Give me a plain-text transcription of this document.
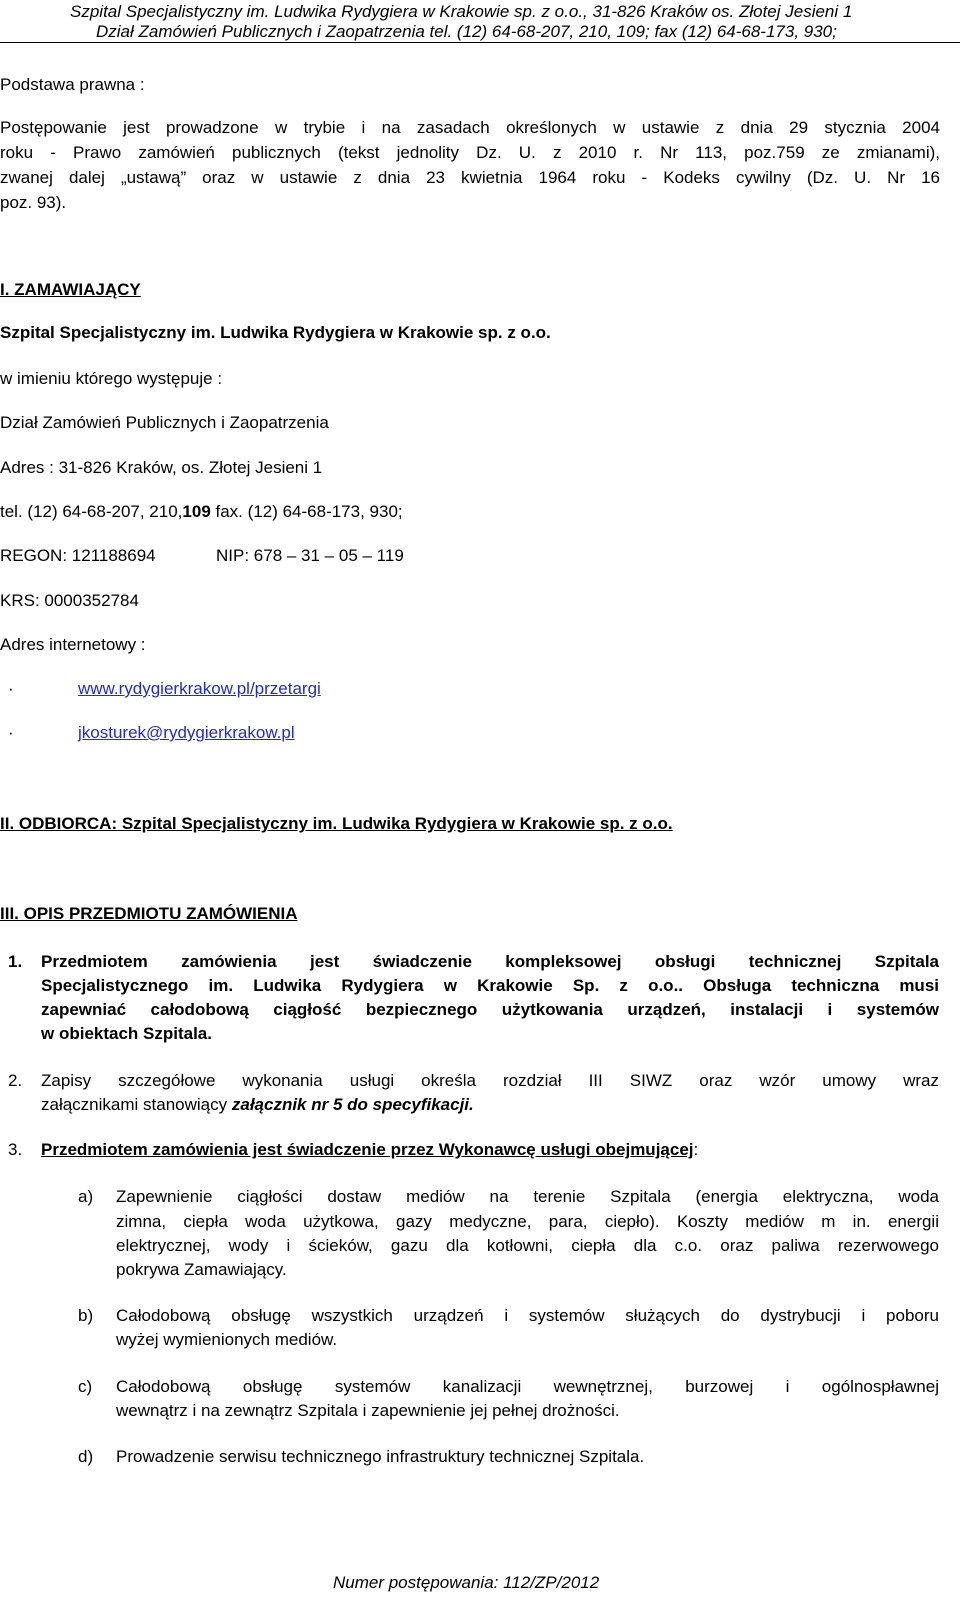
Szpital Specjalistyczny im. Ludwika Rydygiera w Krakowie sp. z o.o., 31-826 Kraków os. Złotej Jesieni 1
Dział Zamówień Publicznych i Zaopatrzenia tel. (12) 64-68-207, 210, 109; fax (12) 64-68-173, 930;
Podstawa prawna :
Postępowanie jest prowadzone w trybie i na zasadach określonych w ustawie z dnia 29 stycznia 2004
roku - Prawo zamówień publicznych (tekst jednolity Dz. U. z 2010 r. Nr 113, poz.759 ze zmianami),
zwanej dalej „ustawą” oraz w ustawie z dnia 23 kwietnia 1964 roku - Kodeks cywilny (Dz. U. Nr 16
poz. 93).
I. ZAMAWIAJĄCY
Szpital Specjalistyczny im. Ludwika Rydygiera w Krakowie sp. z o.o.
w imieniu którego występuje :
Dział Zamówień Publicznych i Zaopatrzenia
Adres : 31-826 Kraków, os. Złotej Jesieni 1
tel. (12) 64-68-207, 210,109 fax. (12) 64-68-173, 930;
REGON: 121188694	NIP: 678 – 31 – 05 – 119
KRS: 0000352784
Adres internetowy :
·	www.rydygierkrakow.pl/przetargi
·	jkosturek@rydygierkrakow.pl
II. ODBIORCA: Szpital Specjalistyczny im. Ludwika Rydygiera w Krakowie sp. z o.o.
III. OPIS PRZEDMIOTU ZAMÓWIENIA
1. Przedmiotem zamówienia jest świadczenie kompleksowej obsługi technicznej Szpitala
Specjalistycznego im. Ludwika Rydygiera w Krakowie Sp. z o.o.. Obsługa techniczna musi
zapewniać całodobową ciągłość bezpiecznego użytkowania urządzeń, instalacji i systemów
w obiektach Szpitala.
2. Zapisy szczegółowe wykonania usługi określa rozdział III SIWZ oraz wzór umowy wraz
załącznikami stanowiący załącznik nr 5 do specyfikacji.
3. Przedmiotem zamówienia jest świadczenie przez Wykonawcę usługi obejmującej:
a) Zapewnienie ciągłości dostaw mediów na terenie Szpitala (energia elektryczna, woda
zimna, ciepła woda użytkowa, gazy medyczne, para, ciepło). Koszty mediów m in. energii
elektrycznej, wody i ścieków, gazu dla kotłowni, ciepła dla c.o. oraz paliwa rezerwowego
pokrywa Zamawiający.
b) Całodobową obsługę wszystkich urządzeń i systemów służących do dystrybucji i poboru
wyżej wymienionych mediów.
c) Całodobową obsługę systemów kanalizacji wewnętrznej, burzowej i ogólnospławnej
wewnątrz i na zewnątrz Szpitala i zapewnienie jej pełnej drożności.
d) Prowadzenie serwisu technicznego infrastruktury technicznej Szpitala.
Numer postępowania: 112/ZP/2012
